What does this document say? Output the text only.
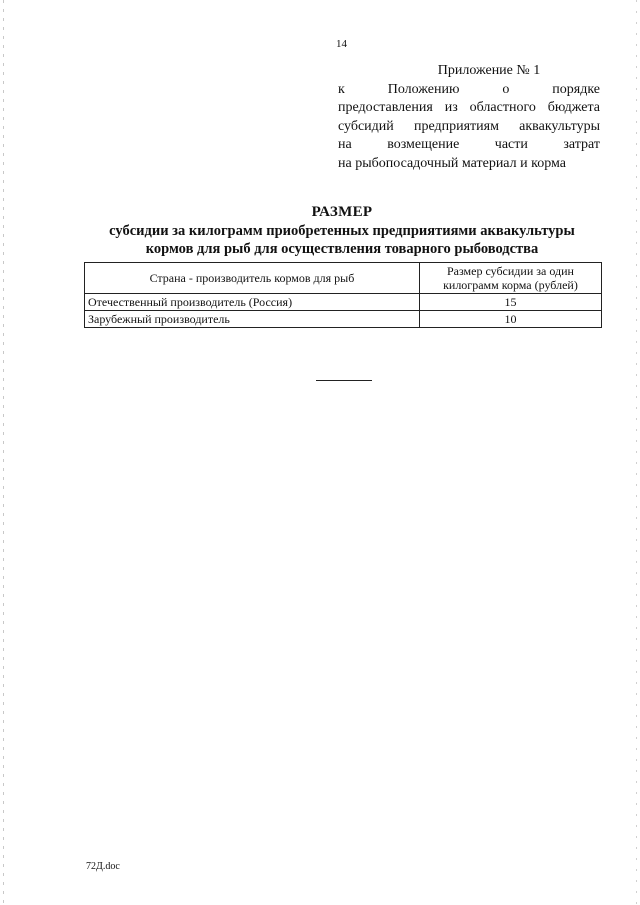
14
Приложение № 1
к Положению о порядке
предоставления из областного бюджета
субсидий предприятиям аквакультуры
на возмещение части затрат
на рыбопосадочный материал и корма
РАЗМЕР
субсидии за килограмм приобретенных предприятиями аквакультуры
кормов для рыб для осуществления товарного рыбоводства
Страна - производитель кормов для рыб	Размер субсидии за один килограмм корма (рублей)
Отечественный производитель (Россия)	15
Зарубежный производитель	10
72Д.doc
